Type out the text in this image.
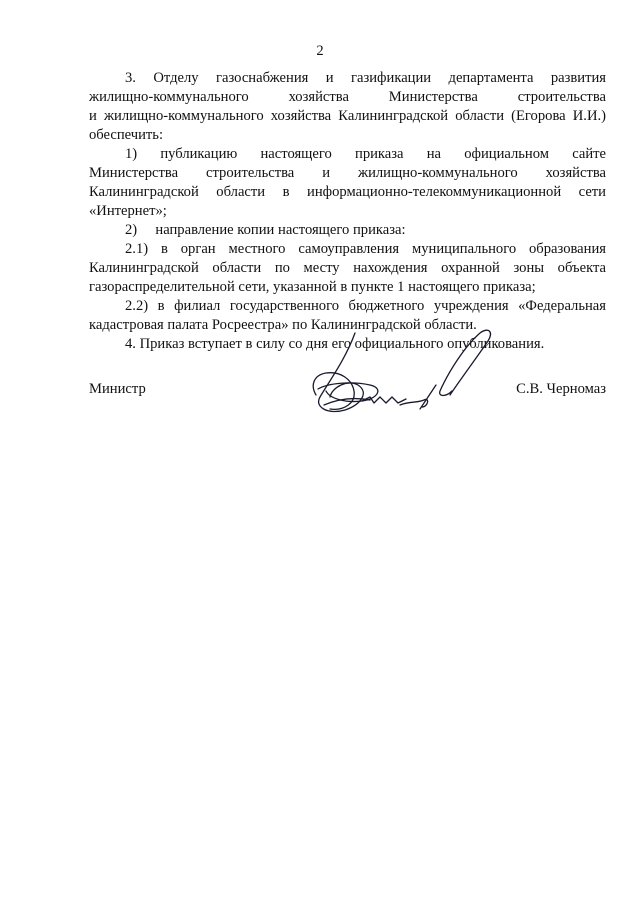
2

3. Отделу газоснабжения и газификации департамента развития
жилищно-коммунального хозяйства Министерства строительства
и жилищно-коммунального хозяйства Калининградской области (Егорова И.И.)
обеспечить:

1) публикацию настоящего приказа на официальном сайте
Министерства строительства и жилищно-коммунального хозяйства
Калининградской области в информационно-телекоммуникационной сети
«Интернет»;

2)     направление копии настоящего приказа:

2.1) в орган местного самоуправления муниципального образования
Калининградской области по месту нахождения охранной зоны объекта
газораспределительной сети, указанной в пункте 1 настоящего приказа;

2.2) в филиал государственного бюджетного учреждения «Федеральная
кадастровая палата Росреестра» по Калининградской области.

4. Приказ вступает в силу со дня его официального опубликования.

Министр	С.В. Черномаз
